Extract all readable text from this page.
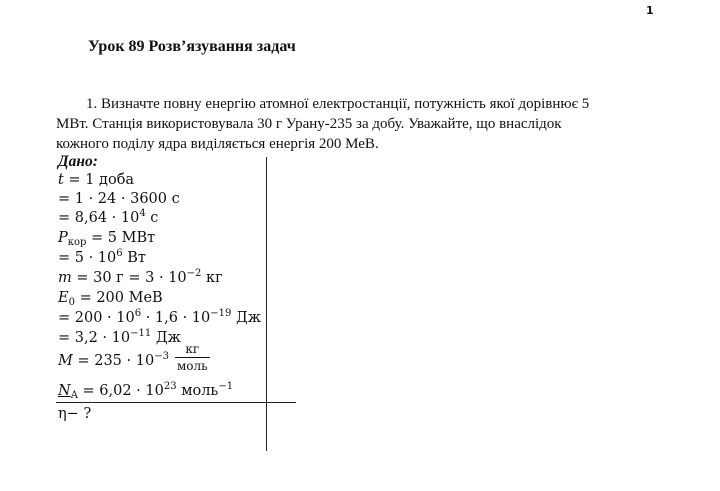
1
Урок 89 Розв’язування задач
1. Визначте повну енергію атомної електростанції, потужність якої дорівнює 5
МВт. Станція використовувала 30 г Урану-235 за добу. Уважайте, що внаслідок
кожного поділу ядра виділяється енергія 200 МеВ.
Дано:
t = 1 доба
= 1 · 24 · 3600 с
= $8,64 \cdot 10^4$ с
$P_{кор} = 5$ МВт
= $5 \cdot 10^6$ Вт
m = 30 $г = 3 \cdot 10^{-2}$ кг
$E_0 = 200$ МеВ
= $200 \cdot 10^6 \cdot 1,6 \cdot 10^{-19}$ Дж
= $3,2 \cdot 10^{-11}$ Дж
$M = 235 \cdot 10^{-3} \frac{кг}{\text{моль}}$
$N_A = 6,02 \cdot 10^{23}$ моль$^{-1}$
η− ?
